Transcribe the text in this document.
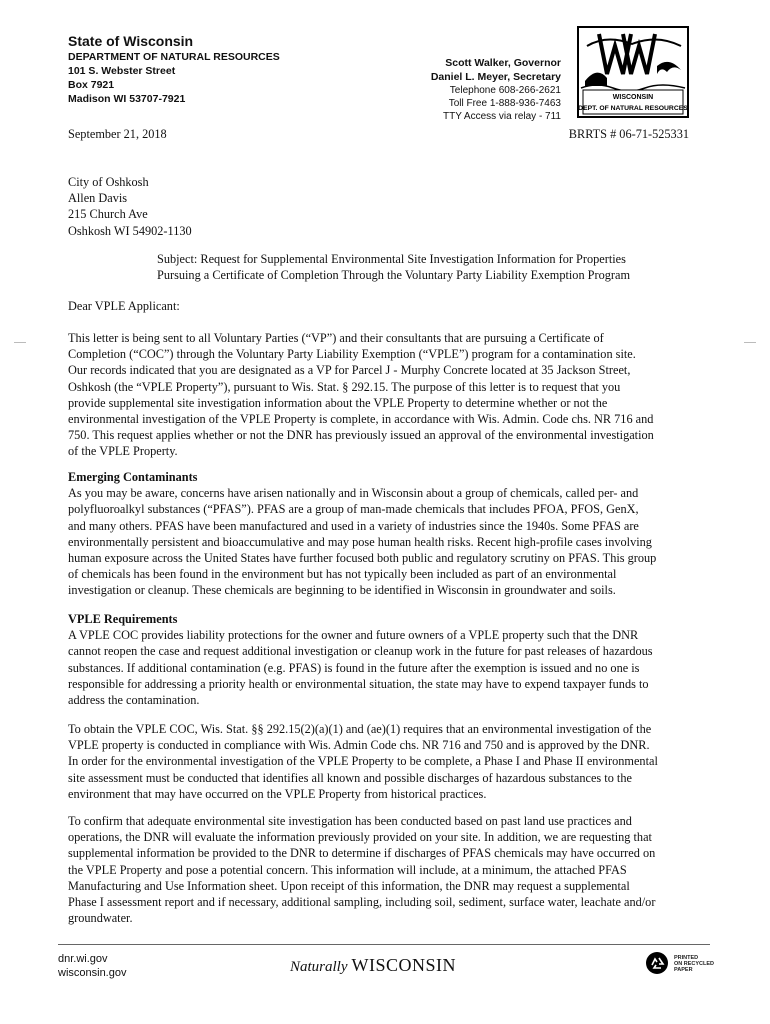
State of Wisconsin
DEPARTMENT OF NATURAL RESOURCES
101 S. Webster Street
Box 7921
Madison WI 53707-7921
Scott Walker, Governor
Daniel L. Meyer, Secretary
Telephone 608-266-2621
Toll Free 1-888-936-7463
TTY Access via relay - 711
WISCONSIN
DEPT. OF NATURAL RESOURCES
September 21, 2018	BRRTS # 06-71-525331
City of Oshkosh
Allen Davis
215 Church Ave
Oshkosh WI 54902-1130
Subject: Request for Supplemental Environmental Site Investigation Information for Properties
Pursuing a Certificate of Completion Through the Voluntary Party Liability Exemption Program
Dear VPLE Applicant:
This letter is being sent to all Voluntary Parties (“VP”) and their consultants that are pursuing a Certificate of
Completion (“COC”) through the Voluntary Party Liability Exemption (“VPLE”) program for a contamination site.
Our records indicated that you are designated as a VP for Parcel J - Murphy Concrete located at 35 Jackson Street,
Oshkosh (the “VPLE Property”), pursuant to Wis. Stat. § 292.15. The purpose of this letter is to request that you
provide supplemental site investigation information about the VPLE Property to determine whether or not the
environmental investigation of the VPLE Property is complete, in accordance with Wis. Admin. Code chs. NR 716 and
750. This request applies whether or not the DNR has previously issued an approval of the environmental investigation
of the VPLE Property.
Emerging Contaminants
As you may be aware, concerns have arisen nationally and in Wisconsin about a group of chemicals, called per- and
polyfluoroalkyl substances (“PFAS”). PFAS are a group of man-made chemicals that includes PFOA, PFOS, GenX,
and many others. PFAS have been manufactured and used in a variety of industries since the 1940s. Some PFAS are
environmentally persistent and bioaccumulative and may pose human health risks. Recent high-profile cases involving
human exposure across the United States have further focused both public and regulatory scrutiny on PFAS. This group
of chemicals has been found in the environment but has not typically been included as part of an environmental
investigation or cleanup. These chemicals are beginning to be identified in Wisconsin in groundwater and soils.
VPLE Requirements
A VPLE COC provides liability protections for the owner and future owners of a VPLE property such that the DNR
cannot reopen the case and request additional investigation or cleanup work in the future for past releases of hazardous
substances. If additional contamination (e.g. PFAS) is found in the future after the exemption is issued and no one is
responsible for addressing a priority health or environmental situation, the state may have to expend taxpayer funds to
address the contamination.
To obtain the VPLE COC, Wis. Stat. §§ 292.15(2)(a)(1) and (ae)(1) requires that an environmental investigation of the
VPLE property is conducted in compliance with Wis. Admin Code chs. NR 716 and 750 and is approved by the DNR.
In order for the environmental investigation of the VPLE Property to be complete, a Phase I and Phase II environmental
site assessment must be conducted that identifies all known and possible discharges of hazardous substances to the
environment that may have occurred on the VPLE Property from historical practices.
To confirm that adequate environmental site investigation has been conducted based on past land use practices and
operations, the DNR will evaluate the information previously provided on your site. In addition, we are requesting that
supplemental information be provided to the DNR to determine if discharges of PFAS chemicals may have occurred on
the VPLE Property and pose a potential concern. This information will include, at a minimum, the attached PFAS
Manufacturing and Use Information sheet. Upon receipt of this information, the DNR may request a supplemental
Phase I assessment report and if necessary, additional sampling, including soil, sediment, surface water, leachate and/or
groundwater.
dnr.wi.gov
wisconsin.gov	Naturally WISCONSIN	PRINTED
ON RECYCLED
PAPER
